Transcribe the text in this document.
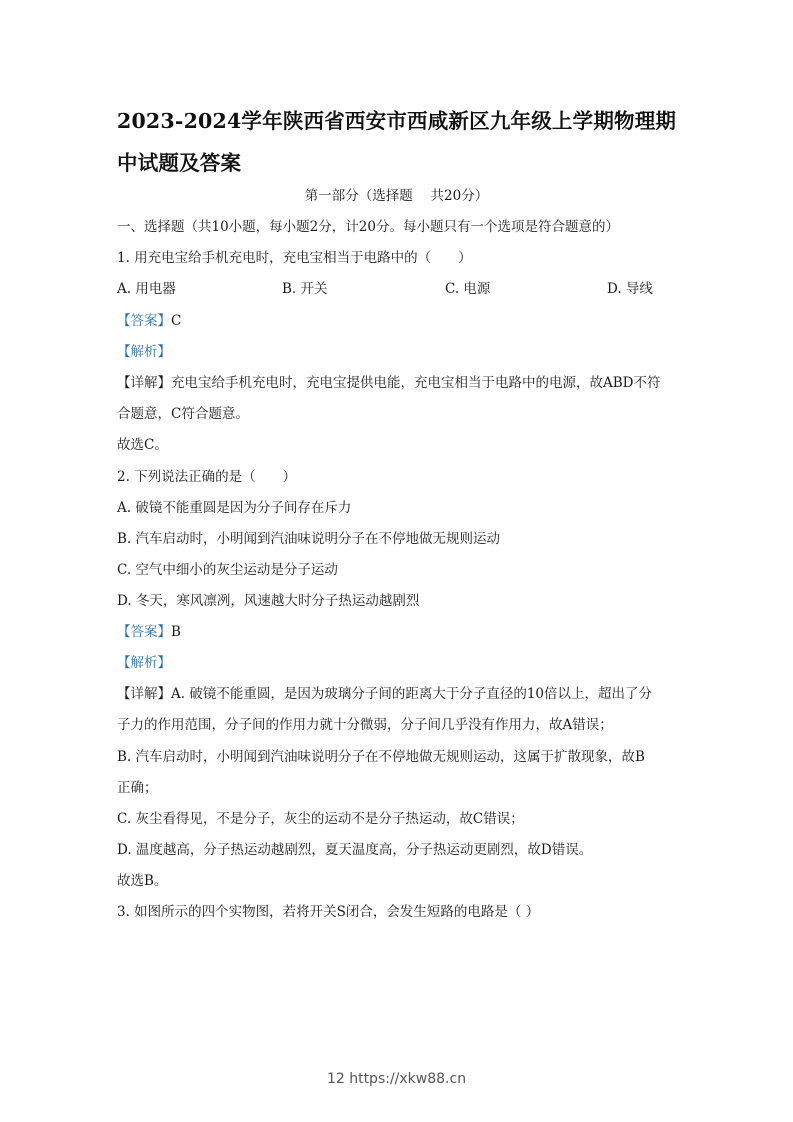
2023-2024学年陕西省西安市西咸新区九年级上学期物理期
中试题及答案
第一部分（选择题　 共20分）
一、选择题（共10小题，每小题2分，计20分。每小题只有一个选项是符合题意的）
1. 用充电宝给手机充电时，充电宝相当于电路中的（　　）
A. 用电器	B. 开关	C. 电源	D. 导线
【答案】C
【解析】
【详解】充电宝给手机充电时，充电宝提供电能，充电宝相当于电路中的电源，故ABD不符
合题意，C符合题意。
故选C。
2. 下列说法正确的是（　　）
A. 破镜不能重圆是因为分子间存在斥力
B. 汽车启动时，小明闻到汽油味说明分子在不停地做无规则运动
C. 空气中细小的灰尘运动是分子运动
D. 冬天，寒风凛冽，风速越大时分子热运动越剧烈
【答案】B
【解析】
【详解】A. 破镜不能重圆，是因为玻璃分子间的距离大于分子直径的10倍以上，超出了分
子力的作用范围，分子间的作用力就十分微弱，分子间几乎没有作用力，故A错误；
B. 汽车启动时，小明闻到汽油味说明分子在不停地做无规则运动，这属于扩散现象，故B
正确；
C. 灰尘看得见，不是分子，灰尘的运动不是分子热运动，故C错误；
D. 温度越高，分子热运动越剧烈，夏天温度高，分子热运动更剧烈，故D错误。
故选B。
3. 如图所示的四个实物图，若将开关S闭合，会发生短路的电路是（ ）
12 https://xkw88.cn
